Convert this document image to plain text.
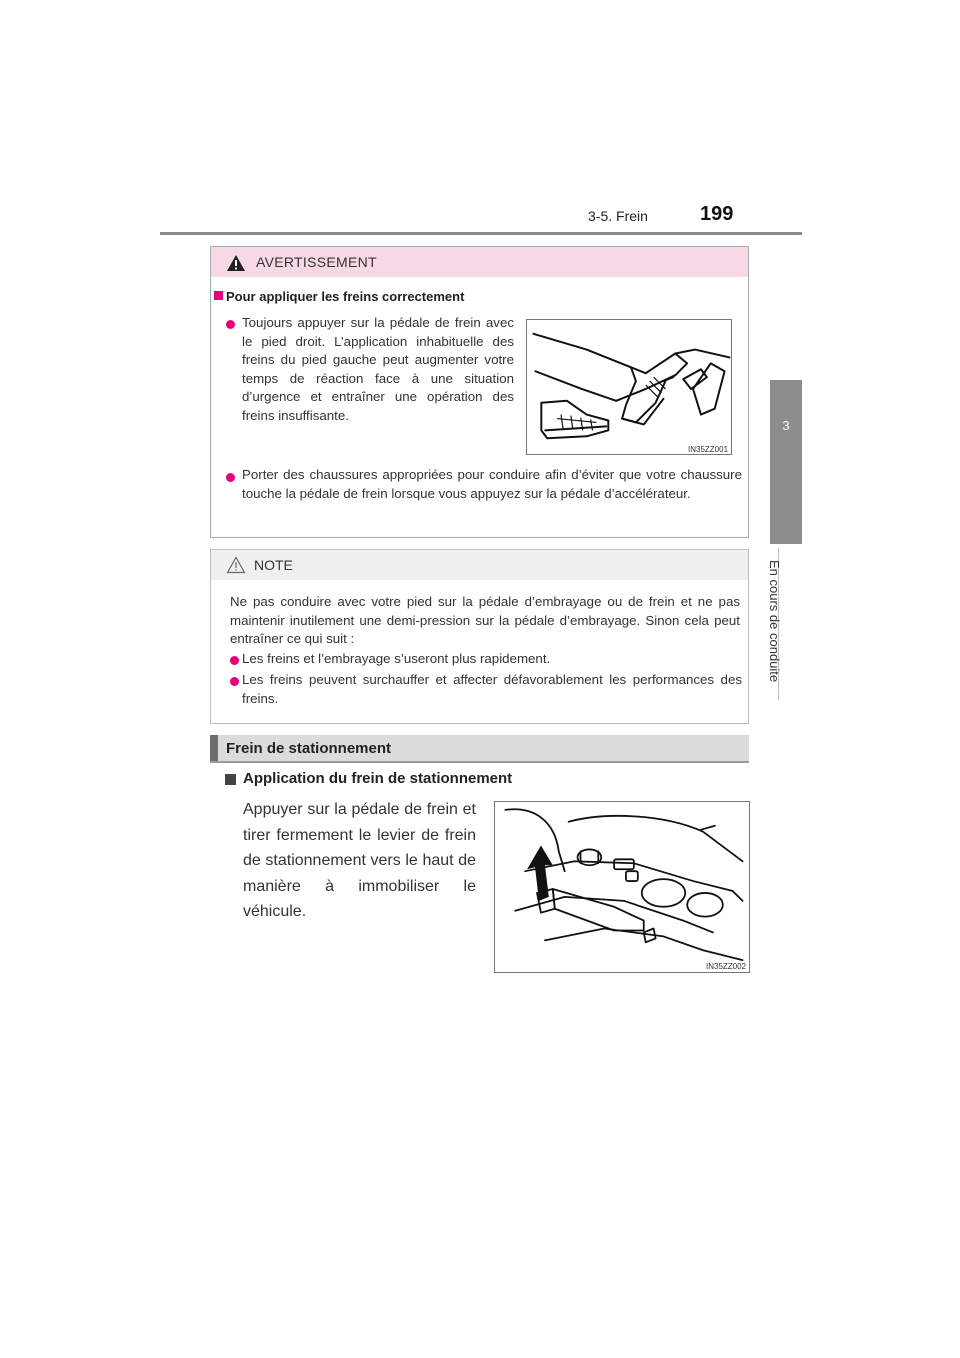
3-5. Frein	199
3
En cours de conduite
AVERTISSEMENT
Pour appliquer les freins correctement
Toujours appuyer sur la pédale de frein avec le pied droit. L’application inhabituelle des freins du pied gauche peut augmenter votre temps de réaction face à une situation d’urgence et entraîner une opération des freins insuffisante.
IN35ZZ001
Porter des chaussures appropriées pour conduire afin d’éviter que votre chaussure touche la pédale de frein lorsque vous appuyez sur la pédale d’accélérateur.
NOTE
Ne pas conduire avec votre pied sur la pédale d’embrayage ou de frein et ne pas maintenir inutilement une demi-pression sur la pédale d’embrayage. Sinon cela peut entraîner ce qui suit :
Les freins et l’embrayage s’useront plus rapidement.
Les freins peuvent surchauffer et affecter défavorablement les performances des freins.
Frein de stationnement
Application du frein de stationnement
Appuyer sur la pédale de frein et tirer fermement le levier de frein de stationnement vers le haut de manière à immobiliser le véhicule.
IN35ZZ002
